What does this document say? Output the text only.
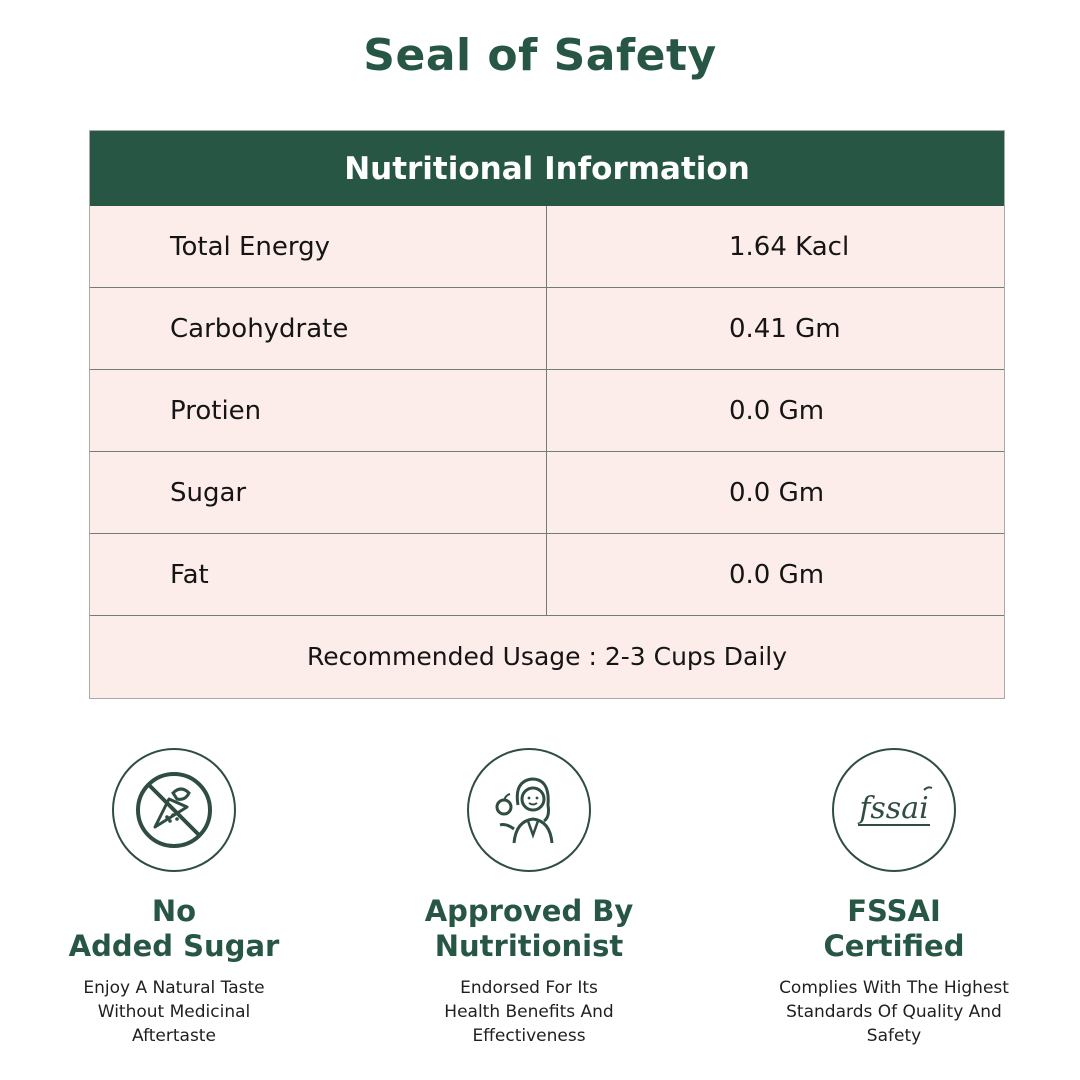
Seal of Safety
Nutritional Information
Total Energy	1.64 Kacl
Carbohydrate	0.41 Gm
Protien	0.0 Gm
Sugar	0.0 Gm
Fat	0.0 Gm
Recommended Usage : 2-3 Cups Daily
No
Added Sugar
Enjoy A Natural Taste
Without Medicinal
Aftertaste
Approved By
Nutritionist
Endorsed For Its
Health Benefits And
Effectiveness
fssai
FSSAI
Certified
Complies With The Highest
Standards Of Quality And
Safety
